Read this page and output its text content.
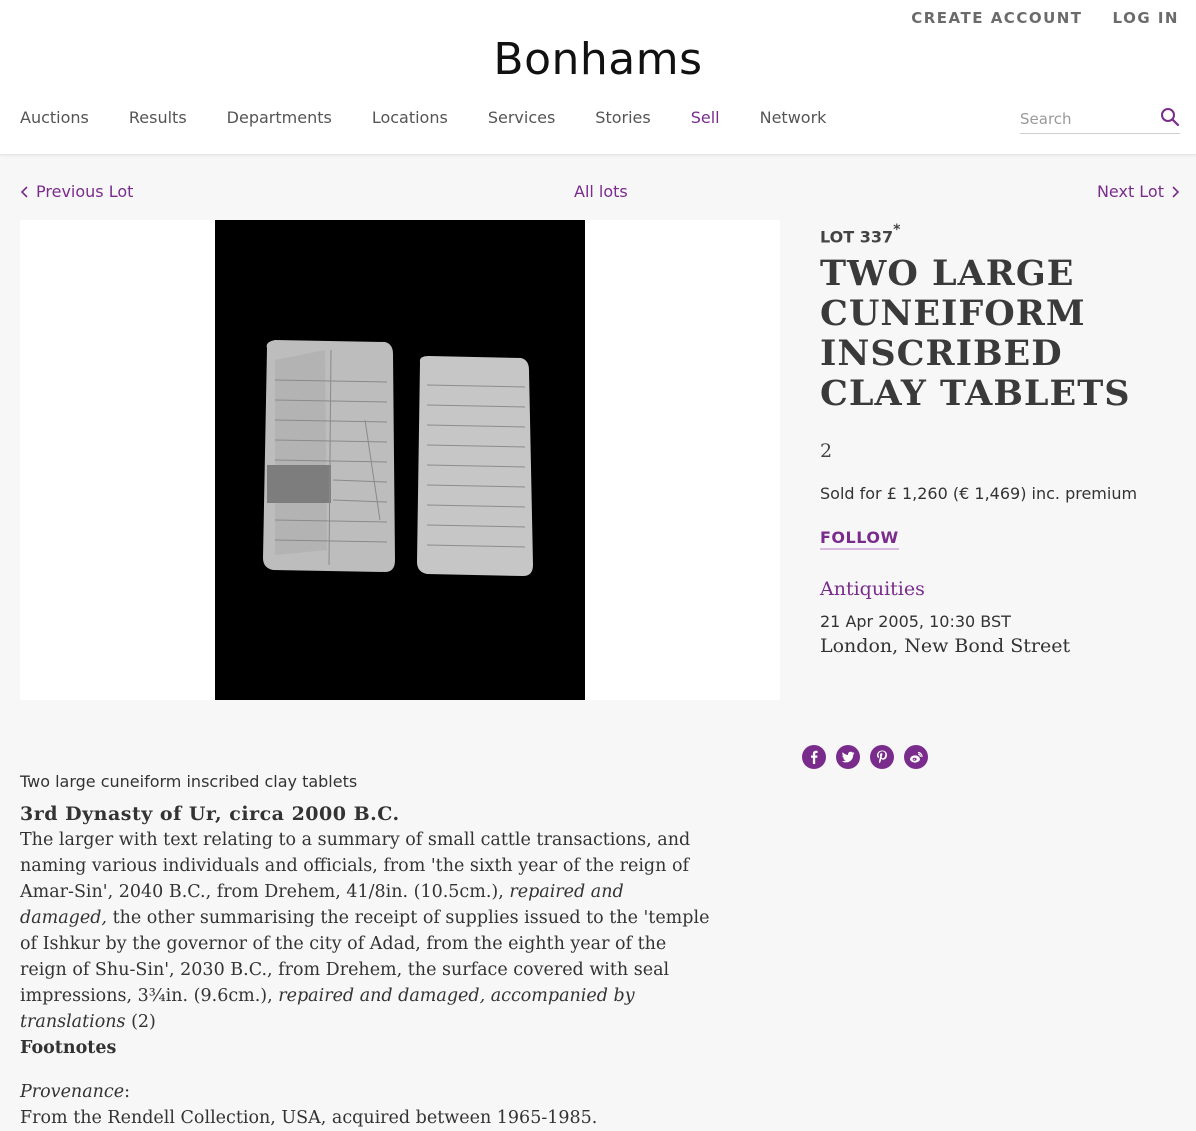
CREATE ACCOUNT LOG IN
Bonhams
Auctions	Results	Departments	Locations	Services	Stories	Sell	Network
Search
Previous Lot	All lots	Next Lot
LOT 337*
TWO LARGE CUNEIFORM INSCRIBED CLAY TABLETS
2
Sold for £ 1,260 (€ 1,469) inc. premium
FOLLOW
Antiquities
21 Apr 2005, 10:30 BST
London, New Bond Street
Two large cuneiform inscribed clay tablets
3rd Dynasty of Ur, circa 2000 B.C.
The larger with text relating to a summary of small cattle transactions, and naming various individuals and officials, from 'the sixth year of the reign of Amar-Sin', 2040 B.C., from Drehem, 41/8in. (10.5cm.), repaired and damaged, the other summarising the receipt of supplies issued to the 'temple of Ishkur by the governor of the city of Adad, from the eighth year of the reign of Shu-Sin', 2030 B.C., from Drehem, the surface covered with seal impressions, 3¾in. (9.6cm.), repaired and damaged, accompanied by translations (2)
Footnotes
Provenance:
From the Rendell Collection, USA, acquired between 1965-1985.
